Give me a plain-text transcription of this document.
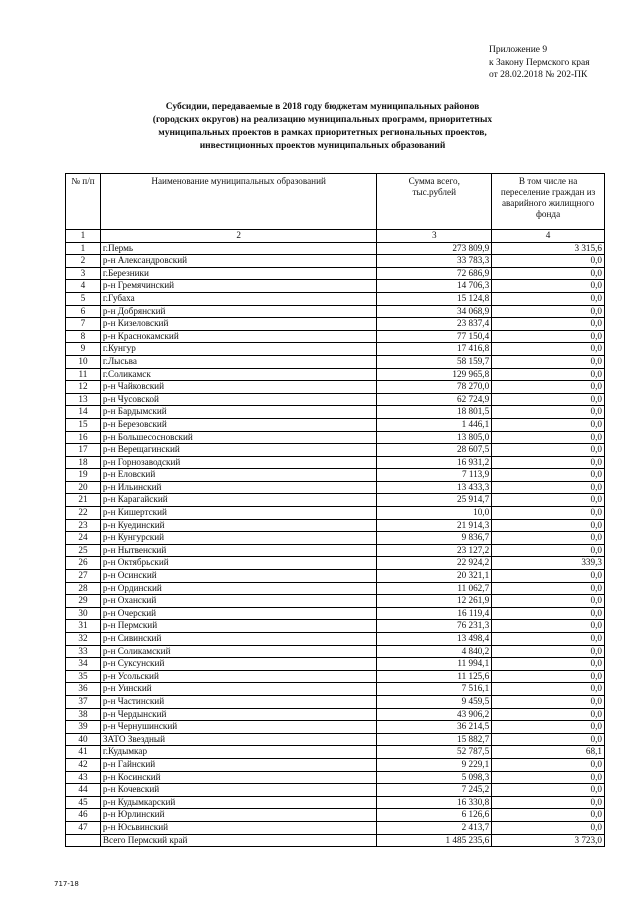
Приложение 9
к Закону Пермского края
от 28.02.2018 № 202-ПК
Субсидии, передаваемые в 2018 году бюджетам муниципальных районов
(городских округов) на реализацию муниципальных программ, приоритетных
муниципальных проектов в рамках приоритетных региональных проектов,
инвестиционных проектов муниципальных образований
№ п/п	Наименование муниципальных образований	Сумма всего, тыс.рублей	В том числе на переселение граждан из аварийного жилищного фонда
1	2	3	4
1	г.Пермь	273 809,9	3 315,6
2	р-н Александровский	33 783,3	0,0
3	г.Березники	72 686,9	0,0
4	р-н Гремячинский	14 706,3	0,0
5	г.Губаха	15 124,8	0,0
6	р-н Добрянский	34 068,9	0,0
7	р-н Кизеловский	23 837,4	0,0
8	р-н Краснокамский	77 150,4	0,0
9	г.Кунгур	17 416,8	0,0
10	г.Лысьва	58 159,7	0,0
11	г.Соликамск	129 965,8	0,0
12	р-н Чайковский	78 270,0	0,0
13	р-н Чусовской	62 724,9	0,0
14	р-н Бардымский	18 801,5	0,0
15	р-н Березовский	1 446,1	0,0
16	р-н Большесосновский	13 805,0	0,0
17	р-н Верещагинский	28 607,5	0,0
18	р-н Горнозаводский	16 931,2	0,0
19	р-н Еловский	7 113,9	0,0
20	р-н Ильинский	13 433,3	0,0
21	р-н Карагайский	25 914,7	0,0
22	р-н Кишертский	10,0	0,0
23	р-н Куединский	21 914,3	0,0
24	р-н Кунгурский	9 836,7	0,0
25	р-н Нытвенский	23 127,2	0,0
26	р-н Октябрьский	22 924,2	339,3
27	р-н Осинский	20 321,1	0,0
28	р-н Ординский	11 062,7	0,0
29	р-н Оханский	12 261,9	0,0
30	р-н Очерский	16 119,4	0,0
31	р-н Пермский	76 231,3	0,0
32	р-н Сивинский	13 498,4	0,0
33	р-н Соликамский	4 840,2	0,0
34	р-н Суксунский	11 994,1	0,0
35	р-н Усольский	11 125,6	0,0
36	р-н Уинский	7 516,1	0,0
37	р-н Частинский	9 459,5	0,0
38	р-н Чердынский	43 906,2	0,0
39	р-н Чернушинский	36 214,5	0,0
40	ЗАТО Звездный	15 882,7	0,0
41	г.Кудымкар	52 787,5	68,1
42	р-н Гайнский	9 229,1	0,0
43	р-н Косинский	5 098,3	0,0
44	р-н Кочевский	7 245,2	0,0
45	р-н Кудымкарский	16 330,8	0,0
46	р-н Юрлинский	6 126,6	0,0
47	р-н Юсьвинский	2 413,7	0,0
	Всего Пермский край	1 485 235,6	3 723,0
717-18
